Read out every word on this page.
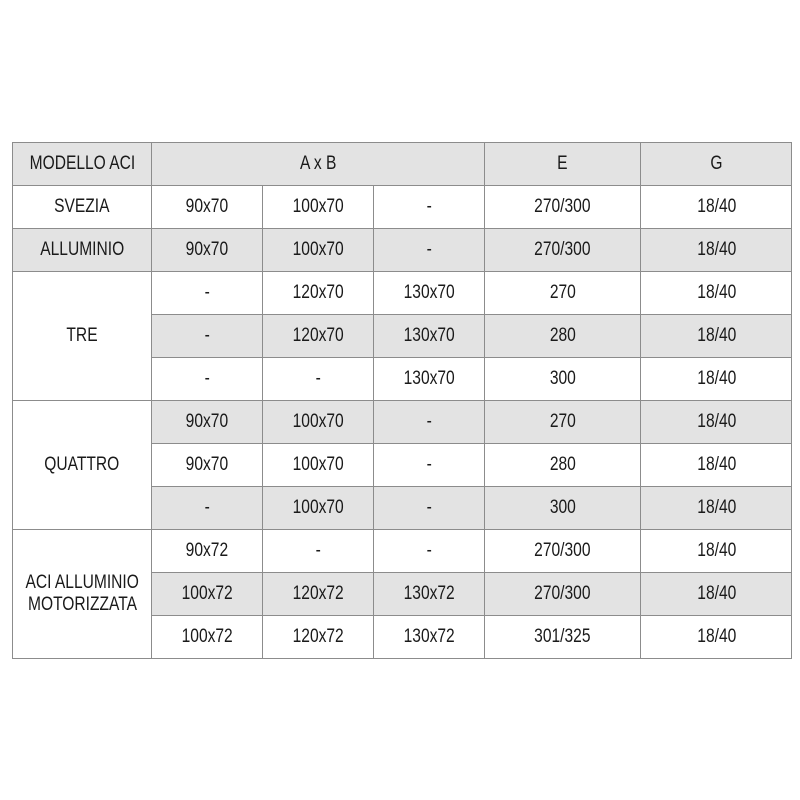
MODELLO ACI	A x B			E	G
SVEZIA	90x70	100x70	-	270/300	18/40
ALLUMINIO	90x70	100x70	-	270/300	18/40
TRE	-	120x70	130x70	270	18/40
	-	120x70	130x70	280	18/40
	-	-	130x70	300	18/40
QUATTRO	90x70	100x70	-	270	18/40
	90x70	100x70	-	280	18/40
	-	100x70	-	300	18/40
ACI ALLUMINIO
MOTORIZZATA	90x72	-	-	270/300	18/40
	100x72	120x72	130x72	270/300	18/40
	100x72	120x72	130x72	301/325	18/40
